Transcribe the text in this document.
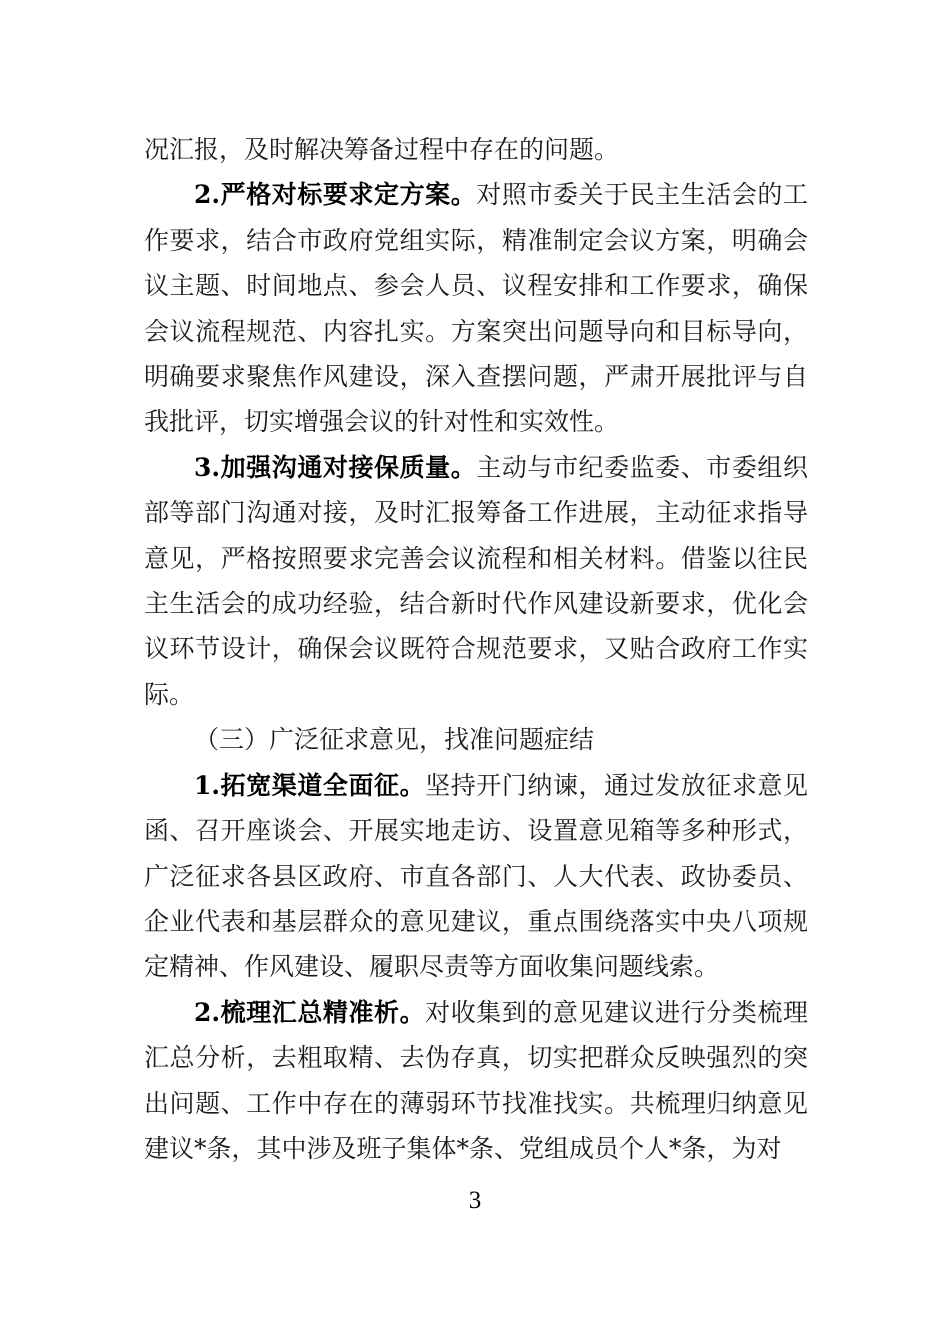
况汇报，及时解决筹备过程中存在的问题。

2.严格对标要求定方案。对照市委关于民主生活会的工作要求，结合市政府党组实际，精准制定会议方案，明确会议主题、时间地点、参会人员、议程安排和工作要求，确保会议流程规范、内容扎实。方案突出问题导向和目标导向，明确要求聚焦作风建设，深入查摆问题，严肃开展批评与自我批评，切实增强会议的针对性和实效性。

3.加强沟通对接保质量。主动与市纪委监委、市委组织部等部门沟通对接，及时汇报筹备工作进展，主动征求指导意见，严格按照要求完善会议流程和相关材料。借鉴以往民主生活会的成功经验，结合新时代作风建设新要求，优化会议环节设计，确保会议既符合规范要求，又贴合政府工作实际。

（三）广泛征求意见，找准问题症结

1.拓宽渠道全面征。坚持开门纳谏，通过发放征求意见函、召开座谈会、开展实地走访、设置意见箱等多种形式，广泛征求各县区政府、市直各部门、人大代表、政协委员、企业代表和基层群众的意见建议，重点围绕落实中央八项规定精神、作风建设、履职尽责等方面收集问题线索。

2.梳理汇总精准析。对收集到的意见建议进行分类梳理汇总分析，去粗取精、去伪存真，切实把群众反映强烈的突出问题、工作中存在的薄弱环节找准找实。共梳理归纳意见建议*条，其中涉及班子集体*条、党组成员个人*条，为对

3
